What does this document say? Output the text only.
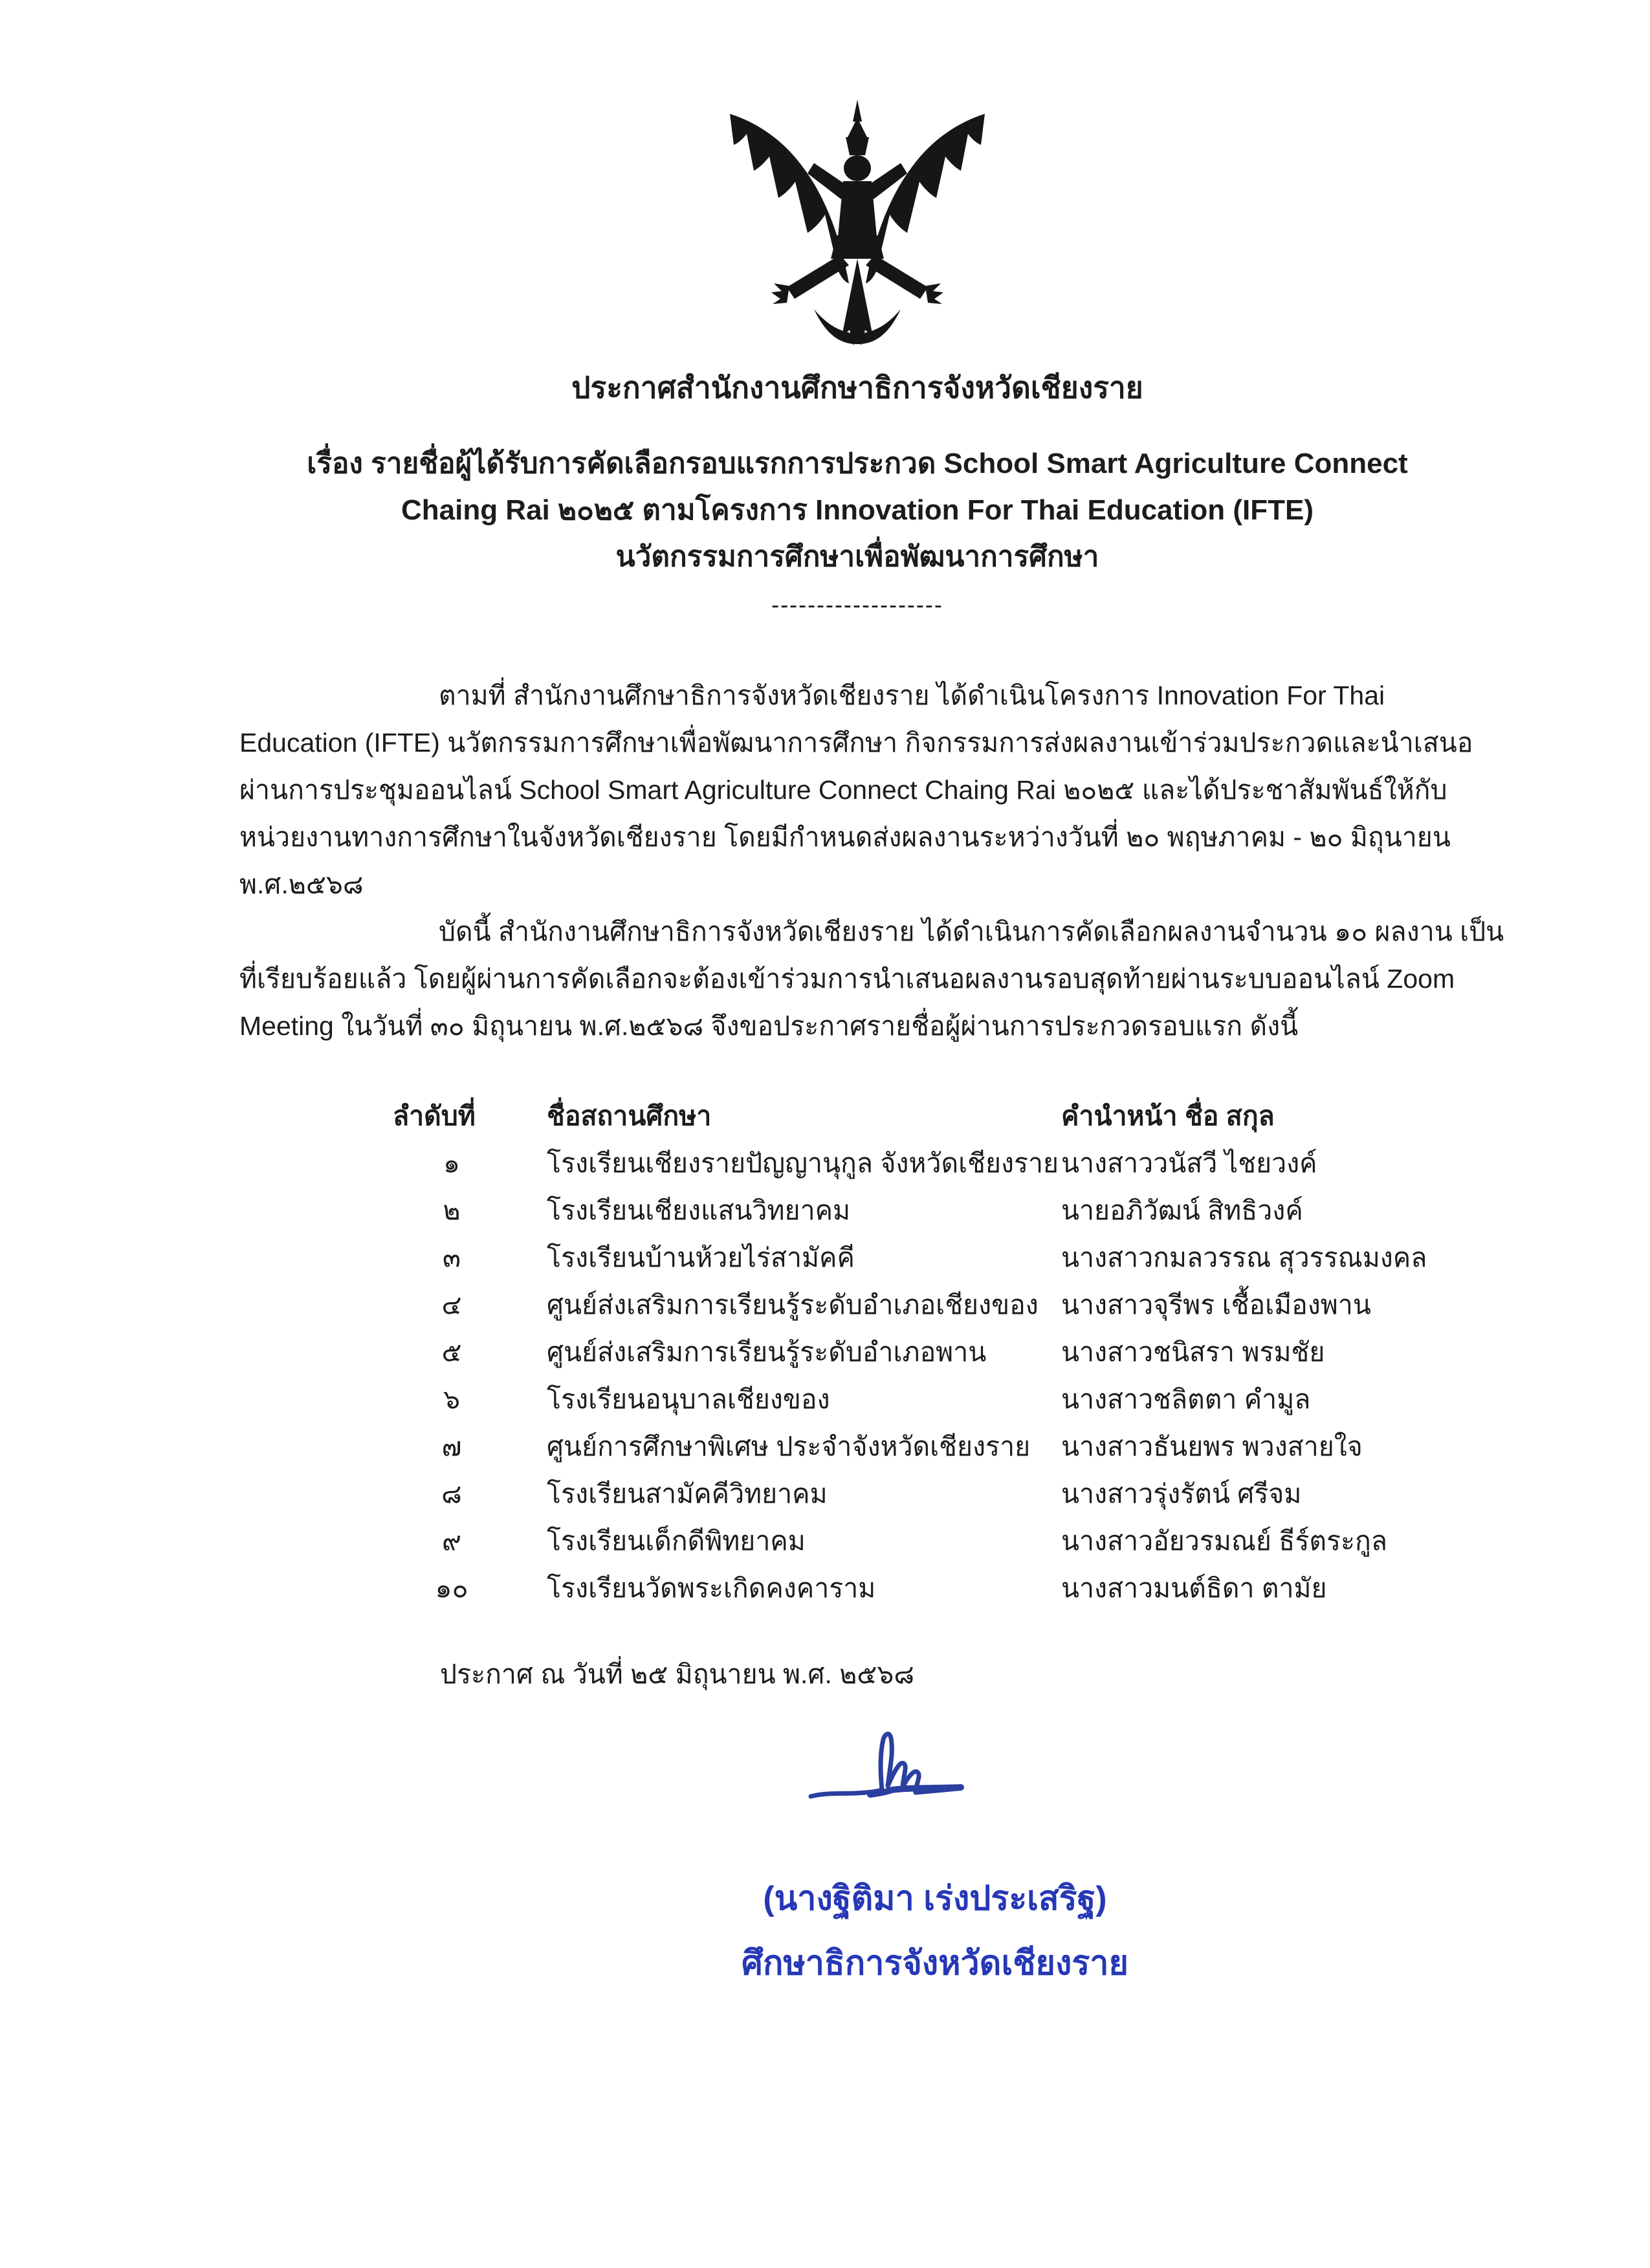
ประกาศสำนักงานศึกษาธิการจังหวัดเชียงราย
เรื่อง รายชื่อผู้ได้รับการคัดเลือกรอบแรกการประกวด School Smart Agriculture Connect
Chaing Rai ๒๐๒๕ ตามโครงการ Innovation For Thai Education (IFTE)
นวัตกรรมการศึกษาเพื่อพัฒนาการศึกษา
-------------------
ตามที่ สำนักงานศึกษาธิการจังหวัดเชียงราย ได้ดำเนินโครงการ Innovation For Thai
Education (IFTE) นวัตกรรมการศึกษาเพื่อพัฒนาการศึกษา กิจกรรมการส่งผลงานเข้าร่วมประกวดและนำเสนอ
ผ่านการประชุมออนไลน์ School Smart Agriculture Connect Chaing Rai ๒๐๒๕ และได้ประชาสัมพันธ์ให้กับ
หน่วยงานทางการศึกษาในจังหวัดเชียงราย โดยมีกำหนดส่งผลงานระหว่างวันที่ ๒๐ พฤษภาคม - ๒๐ มิถุนายน
พ.ศ.๒๕๖๘
บัดนี้ สำนักงานศึกษาธิการจังหวัดเชียงราย ได้ดำเนินการคัดเลือกผลงานจำนวน ๑๐ ผลงาน เป็น
ที่เรียบร้อยแล้ว โดยผู้ผ่านการคัดเลือกจะต้องเข้าร่วมการนำเสนอผลงานรอบสุดท้ายผ่านระบบออนไลน์ Zoom
Meeting ในวันที่ ๓๐ มิถุนายน พ.ศ.๒๕๖๘ จึงขอประกาศรายชื่อผู้ผ่านการประกวดรอบแรก ดังนี้
ลำดับที่	ชื่อสถานศึกษา	คำนำหน้า ชื่อ สกุล
๑	โรงเรียนเชียงรายปัญญานุกูล จังหวัดเชียงราย นางสาววนัสวี ไชยวงค์
๒	โรงเรียนเชียงแสนวิทยาคม	นายอภิวัฒน์ สิทธิวงค์
๓	โรงเรียนบ้านห้วยไร่สามัคคี	นางสาวกมลวรรณ สุวรรณมงคล
๔	ศูนย์ส่งเสริมการเรียนรู้ระดับอำเภอเชียงของ นางสาวจุรีพร เชื้อเมืองพาน
๕	ศูนย์ส่งเสริมการเรียนรู้ระดับอำเภอพาน	นางสาวชนิสรา พรมชัย
๖	โรงเรียนอนุบาลเชียงของ	นางสาวชลิตตา คำมูล
๗	ศูนย์การศึกษาพิเศษ ประจำจังหวัดเชียงราย	นางสาวธันยพร พวงสายใจ
๘	โรงเรียนสามัคคีวิทยาคม	นางสาวรุ่งรัตน์ ศรีจม
๙	โรงเรียนเด็กดีพิทยาคม	นางสาวอัยวรมณย์ ธีร์ตระกูล
๑๐	โรงเรียนวัดพระเกิดคงคาราม	นางสาวมนต์ธิดา ตามัย
ประกาศ ณ วันที่ ๒๕ มิถุนายน พ.ศ. ๒๕๖๘
(นางฐิติมา เร่งประเสริฐ)
ศึกษาธิการจังหวัดเชียงราย
